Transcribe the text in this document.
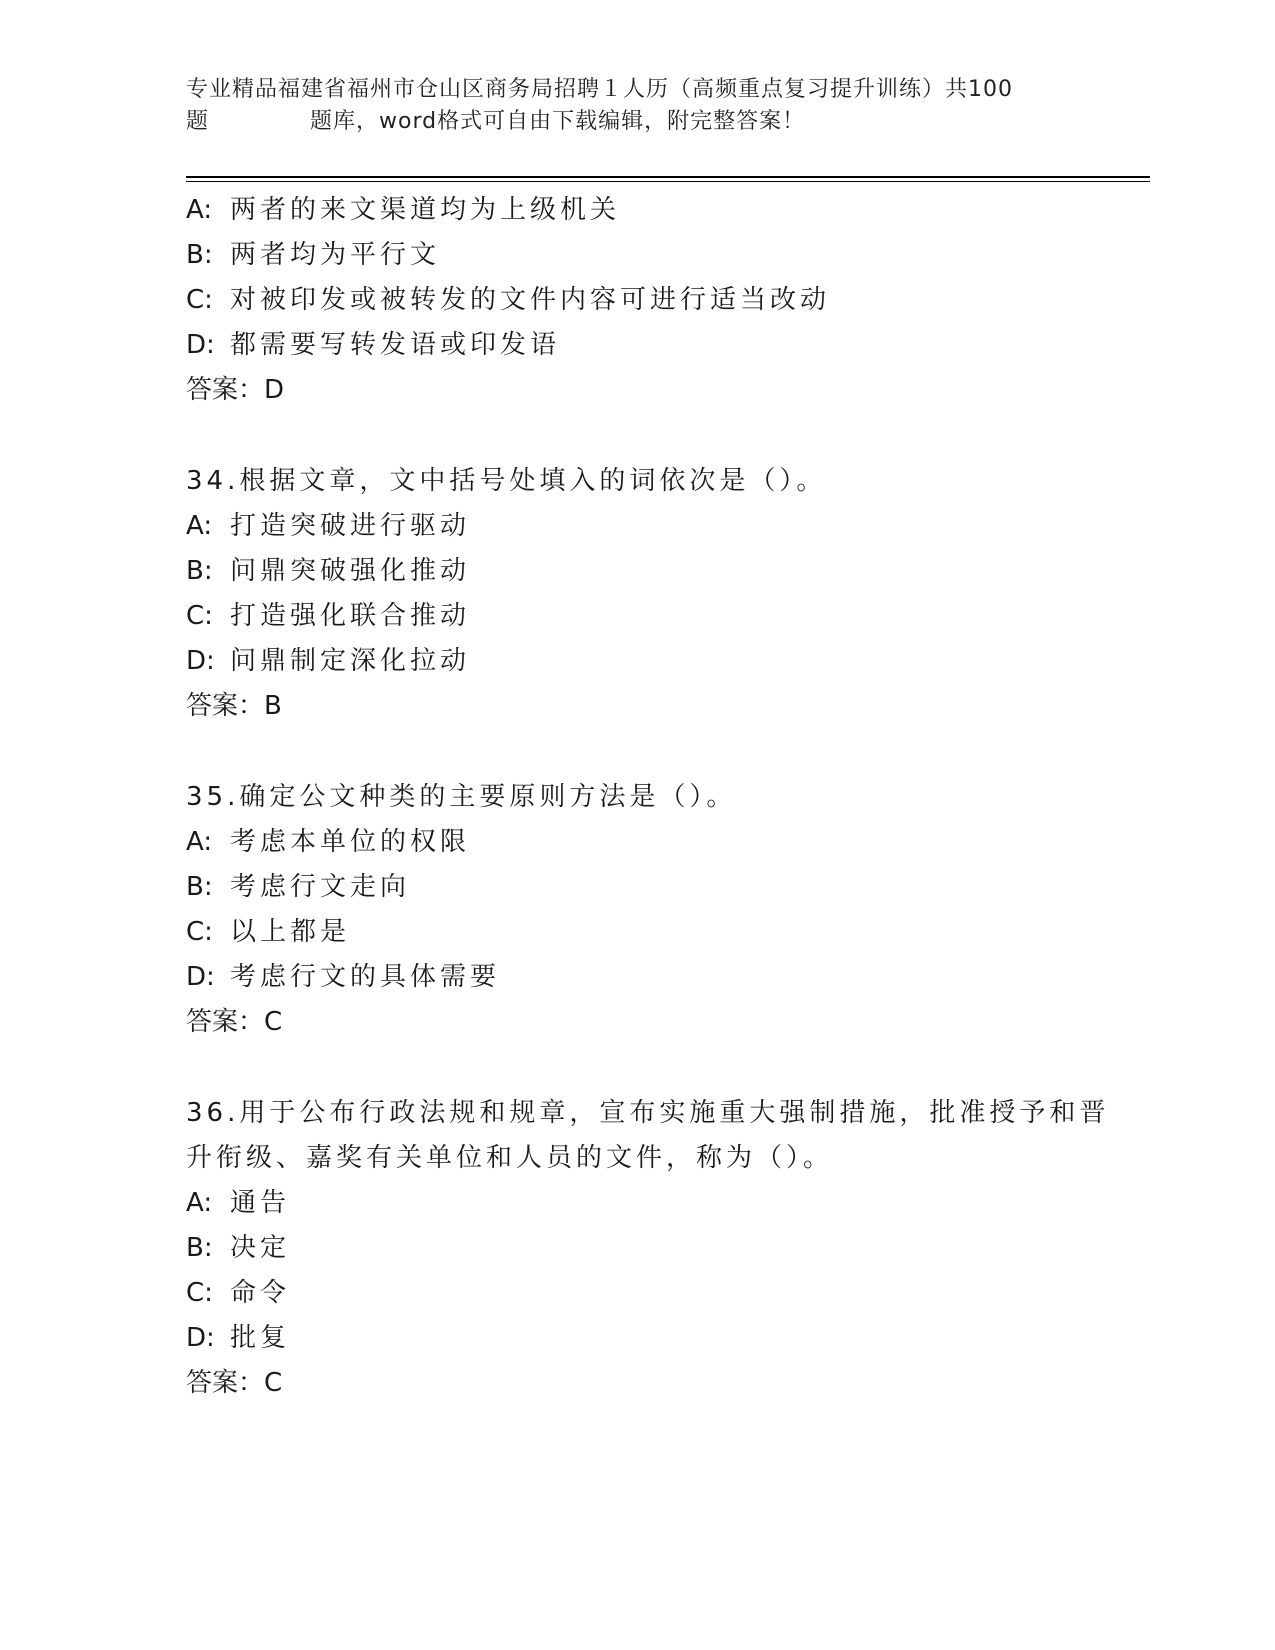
专业精品福建省福州市仓山区商务局招聘１人历（高频重点复习提升训练）共100
题	题库，word格式可自由下载编辑，附完整答案！
A: 两者的来文渠道均为上级机关
B: 两者均为平行文
C: 对被印发或被转发的文件内容可进行适当改动
D: 都需要写转发语或印发语
答案：D
34.根据文章，文中括号处填入的词依次是（）。
A: 打造突破进行驱动
B: 问鼎突破强化推动
C: 打造强化联合推动
D: 问鼎制定深化拉动
答案：B
35.确定公文种类的主要原则方法是（）。
A: 考虑本单位的权限
B: 考虑行文走向
C: 以上都是
D: 考虑行文的具体需要
答案：C
36.用于公布行政法规和规章，宣布实施重大强制措施，批准授予和晋
升衔级、嘉奖有关单位和人员的文件，称为（）。
A: 通告
B: 决定
C: 命令
D: 批复
答案：C
